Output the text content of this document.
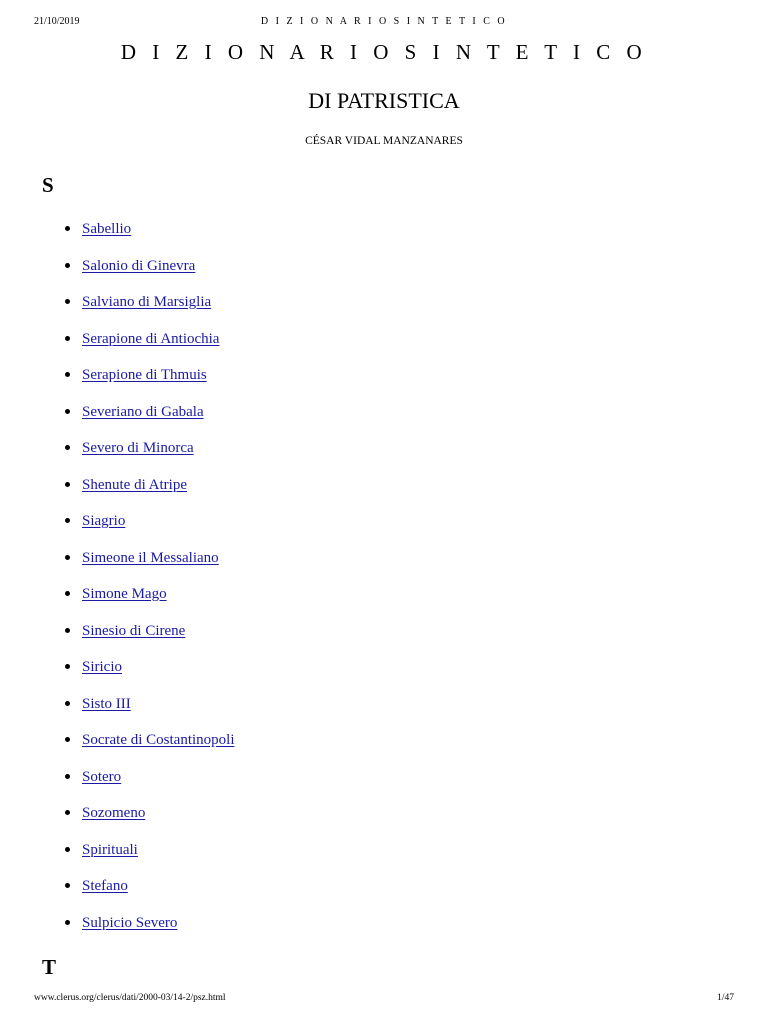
21/10/2019	D I Z I O N A R I O S I N T E T I C O
D I Z I O N A R I O S I N T E T I C O
DI PATRISTICA
CÉSAR VIDAL MANZANARES
S
Sabellio
Salonio di Ginevra
Salviano di Marsiglia
Serapione di Antiochia
Serapione di Thmuis
Severiano di Gabala
Severo di Minorca
Shenute di Atripe
Siagrio
Simeone il Messaliano
Simone Mago
Sinesio di Cirene
Siricio
Sisto III
Socrate di Costantinopoli
Sotero
Sozomeno
Spirituali
Stefano
Sulpicio Severo
T
www.clerus.org/clerus/dati/2000-03/14-2/psz.html	1/47
